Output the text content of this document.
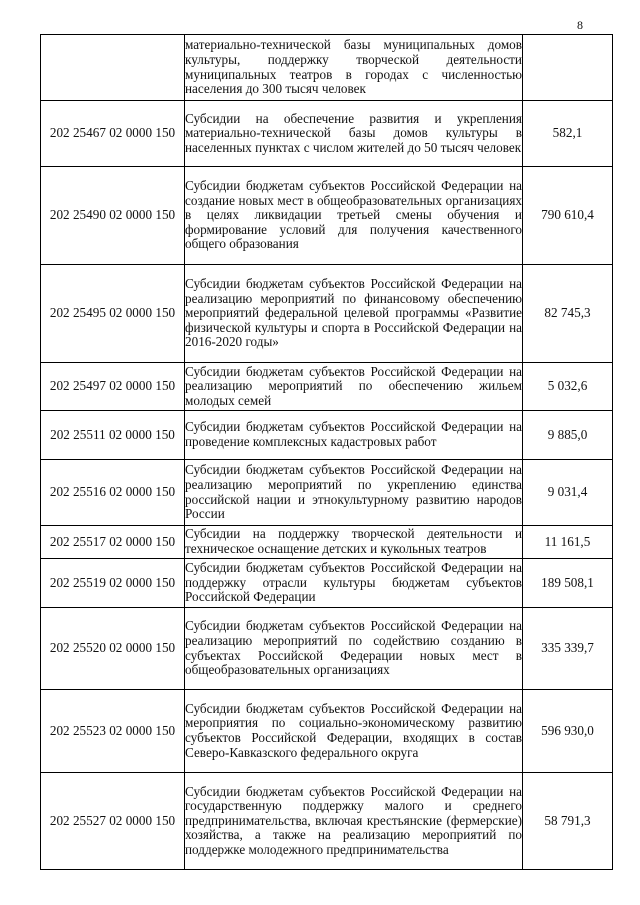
8
	материально-технической базы муниципальных домов культуры, поддержку творческой деятельности муниципальных театров в городах с численностью населения до 300 тысяч человек	
202 25467 02 0000 150	Субсидии на обеспечение развития и укрепления материально-технической базы домов культуры в населенных пунктах с числом жителей до 50 тысяч человек	582,1
202 25490 02 0000 150	Субсидии бюджетам субъектов Российской Федерации на создание новых мест в общеобразовательных организациях в целях ликвидации третьей смены обучения и формирование условий для получения качественного общего образования	790 610,4
202 25495 02 0000 150	Субсидии бюджетам субъектов Российской Федерации на реализацию мероприятий по финансовому обеспечению мероприятий федеральной целевой программы «Развитие физической культуры и спорта в Российской Федерации на 2016-2020 годы»	82 745,3
202 25497 02 0000 150	Субсидии бюджетам субъектов Российской Федерации на реализацию мероприятий по обеспечению жильем молодых семей	5 032,6
202 25511 02 0000 150	Субсидии бюджетам субъектов Российской Федерации на проведение комплексных кадастровых работ	9 885,0
202 25516 02 0000 150	Субсидии бюджетам субъектов Российской Федерации на реализацию мероприятий по укреплению единства российской нации и этнокультурному развитию народов России	9 031,4
202 25517 02 0000 150	Субсидии на поддержку творческой деятельности и техническое оснащение детских и кукольных театров	11 161,5
202 25519 02 0000 150	Субсидии бюджетам субъектов Российской Федерации на поддержку отрасли культуры бюджетам субъектов Российской Федерации	189 508,1
202 25520 02 0000 150	Субсидии бюджетам субъектов Российской Федерации на реализацию мероприятий по содействию созданию в субъектах Российской Федерации новых мест в общеобразовательных организациях	335 339,7
202 25523 02 0000 150	Субсидии бюджетам субъектов Российской Федерации на мероприятия по социально-экономическому развитию субъектов Российской Федерации, входящих в состав Северо-Кавказского федерального округа	596 930,0
202 25527 02 0000 150	Субсидии бюджетам субъектов Российской Федерации на государственную поддержку малого и среднего предпринимательства, включая крестьянские (фермерские) хозяйства, а также на реализацию мероприятий по поддержке молодежного предпринимательства	58 791,3
